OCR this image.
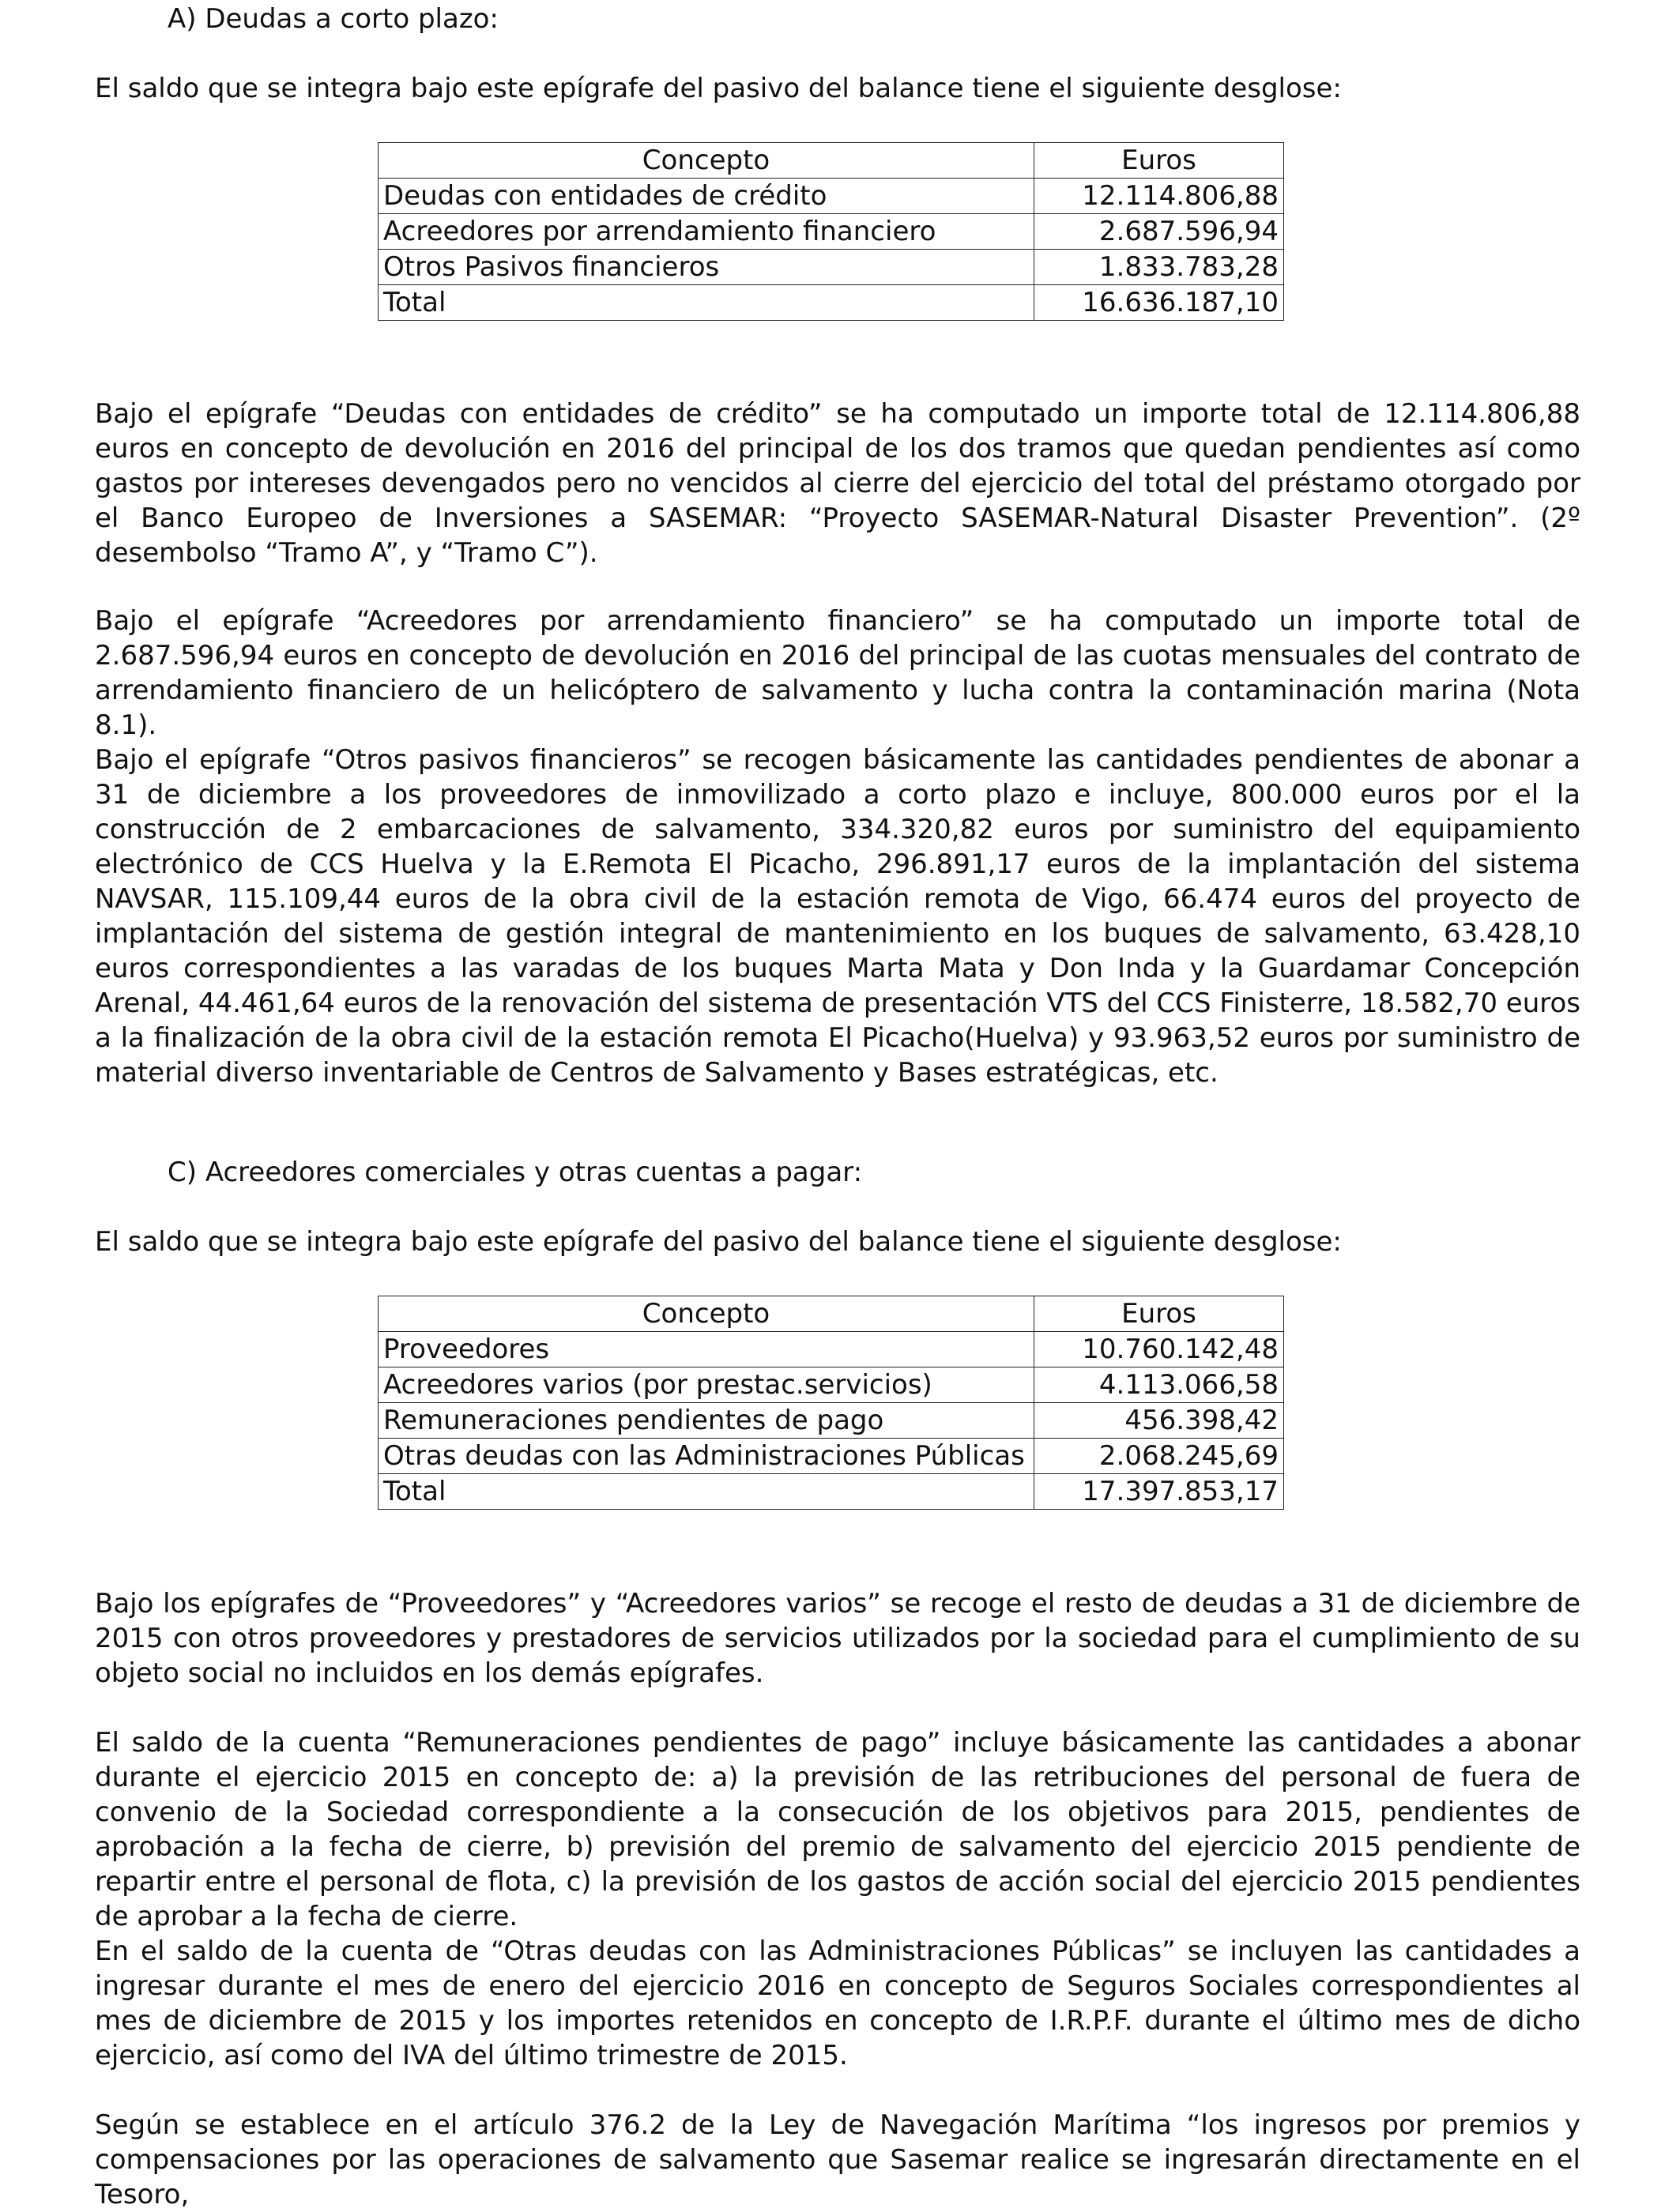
A) Deudas a corto plazo:
El saldo que se integra bajo este epígrafe del pasivo del balance tiene el siguiente desglose:
Concepto	Euros
Deudas con entidades de crédito	12.114.806,88
Acreedores por arrendamiento financiero	2.687.596,94
Otros Pasivos financieros	1.833.783,28
Total	16.636.187,10
Bajo el epígrafe “Deudas con entidades de crédito” se ha computado un importe total de 12.114.806,88 euros en concepto de devolución en 2016 del principal de los dos tramos que quedan pendientes así como gastos por intereses devengados pero no vencidos al cierre del ejercicio del total del préstamo otorgado por el Banco Europeo de Inversiones a SASEMAR: “Proyecto SASEMAR-Natural Disaster Prevention”. (2º desembolso “Tramo A”, y “Tramo C”).
Bajo el epígrafe “Acreedores por arrendamiento financiero” se ha computado un importe total de 2.687.596,94 euros en concepto de devolución en 2016 del principal de las cuotas mensuales del contrato de arrendamiento financiero de un helicóptero de salvamento y lucha contra la contaminación marina (Nota 8.1).
Bajo el epígrafe “Otros pasivos financieros” se recogen básicamente las cantidades pendientes de abonar a 31 de diciembre a los proveedores de inmovilizado a corto plazo e incluye, 800.000 euros por el la construcción de 2 embarcaciones de salvamento, 334.320,82 euros por suministro del equipamiento electrónico de CCS Huelva y la E.Remota El Picacho, 296.891,17 euros de la implantación del sistema NAVSAR, 115.109,44 euros de la obra civil de la estación remota de Vigo, 66.474 euros del proyecto de implantación del sistema de gestión integral de mantenimiento en los buques de salvamento, 63.428,10 euros correspondientes a las varadas de los buques Marta Mata y Don Inda y la Guardamar Concepción Arenal, 44.461,64 euros de la renovación del sistema de presentación VTS del CCS Finisterre, 18.582,70 euros a la finalización de la obra civil de la estación remota El Picacho(Huelva) y 93.963,52 euros por suministro de material diverso inventariable de Centros de Salvamento y Bases estratégicas, etc.
C) Acreedores comerciales y otras cuentas a pagar:
El saldo que se integra bajo este epígrafe del pasivo del balance tiene el siguiente desglose:
Concepto	Euros
Proveedores	10.760.142,48
Acreedores varios (por prestac.servicios)	4.113.066,58
Remuneraciones pendientes de pago	456.398,42
Otras deudas con las Administraciones Públicas	2.068.245,69
Total	17.397.853,17
Bajo los epígrafes de “Proveedores” y “Acreedores varios” se recoge el resto de deudas a 31 de diciembre de 2015 con otros proveedores y prestadores de servicios utilizados por la sociedad para el cumplimiento de su objeto social no incluidos en los demás epígrafes.
El saldo de la cuenta “Remuneraciones pendientes de pago” incluye básicamente las cantidades a abonar durante el ejercicio 2015 en concepto de: a) la previsión de las retribuciones del personal de fuera de convenio de la Sociedad correspondiente a la consecución de los objetivos para 2015, pendientes de aprobación a la fecha de cierre, b) previsión del premio de salvamento del ejercicio 2015 pendiente de repartir entre el personal de flota, c) la previsión de los gastos de acción social del ejercicio 2015 pendientes de aprobar a la fecha de cierre.
En el saldo de la cuenta de “Otras deudas con las Administraciones Públicas” se incluyen las cantidades a ingresar durante el mes de enero del ejercicio 2016 en concepto de Seguros Sociales correspondientes al mes de diciembre de 2015 y los importes retenidos en concepto de I.R.P.F. durante el último mes de dicho ejercicio, así como del IVA del último trimestre de 2015.
Según se establece en el artículo 376.2 de la Ley de Navegación Marítima “los ingresos por premios y compensaciones por las operaciones de salvamento que Sasemar realice se ingresarán directamente en el Tesoro,
